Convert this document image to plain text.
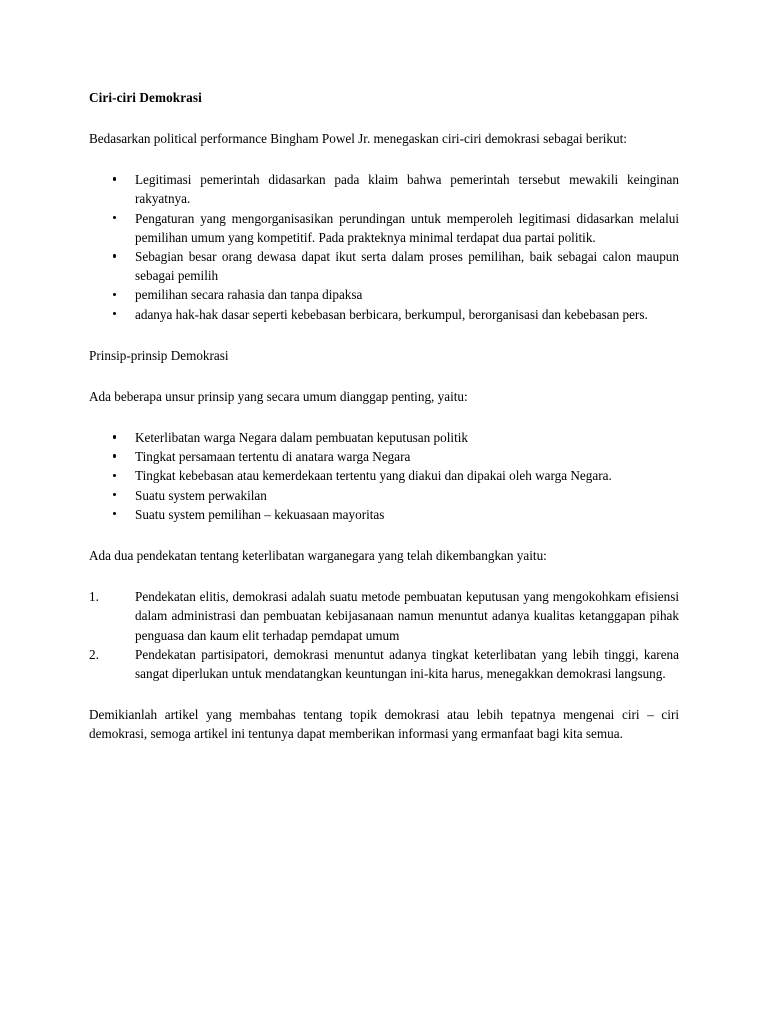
Ciri-ciri Demokrasi

Bedasarkan political performance Bingham Powel Jr. menegaskan ciri-ciri demokrasi sebagai berikut:

Legitimasi pemerintah didasarkan pada klaim bahwa pemerintah tersebut mewakili keinginan rakyatnya.
Pengaturan yang mengorganisasikan perundingan untuk memperoleh legitimasi didasarkan melalui pemilihan umum yang kompetitif. Pada prakteknya minimal terdapat dua partai politik.
Sebagian besar orang dewasa dapat ikut serta dalam proses pemilihan, baik sebagai calon maupun sebagai pemilih
pemilihan secara rahasia dan tanpa dipaksa
adanya hak-hak dasar seperti kebebasan berbicara, berkumpul, berorganisasi dan kebebasan pers.

Prinsip-prinsip Demokrasi

Ada beberapa unsur prinsip yang secara umum dianggap penting, yaitu:

Keterlibatan warga Negara dalam pembuatan keputusan politik
Tingkat persamaan tertentu di anatara warga Negara
Tingkat kebebasan atau kemerdekaan tertentu yang diakui dan dipakai oleh warga Negara.
Suatu system perwakilan
Suatu system pemilihan – kekuasaan mayoritas

Ada dua pendekatan tentang keterlibatan warganegara yang telah dikembangkan yaitu:

1.	Pendekatan elitis, demokrasi adalah suatu metode pembuatan keputusan yang mengokohkam efisiensi dalam administrasi dan pembuatan kebijasanaan namun menuntut adanya kualitas ketanggapan pihak penguasa dan kaum elit terhadap pemdapat umum
2.	Pendekatan partisipatori, demokrasi menuntut adanya tingkat keterlibatan yang lebih tinggi, karena sangat diperlukan untuk mendatangkan keuntungan ini-kita harus, menegakkan demokrasi langsung.

Demikianlah artikel yang membahas tentang topik demokrasi atau lebih tepatnya mengenai ciri – ciri demokrasi, semoga artikel ini tentunya dapat memberikan informasi yang ermanfaat bagi kita semua.
